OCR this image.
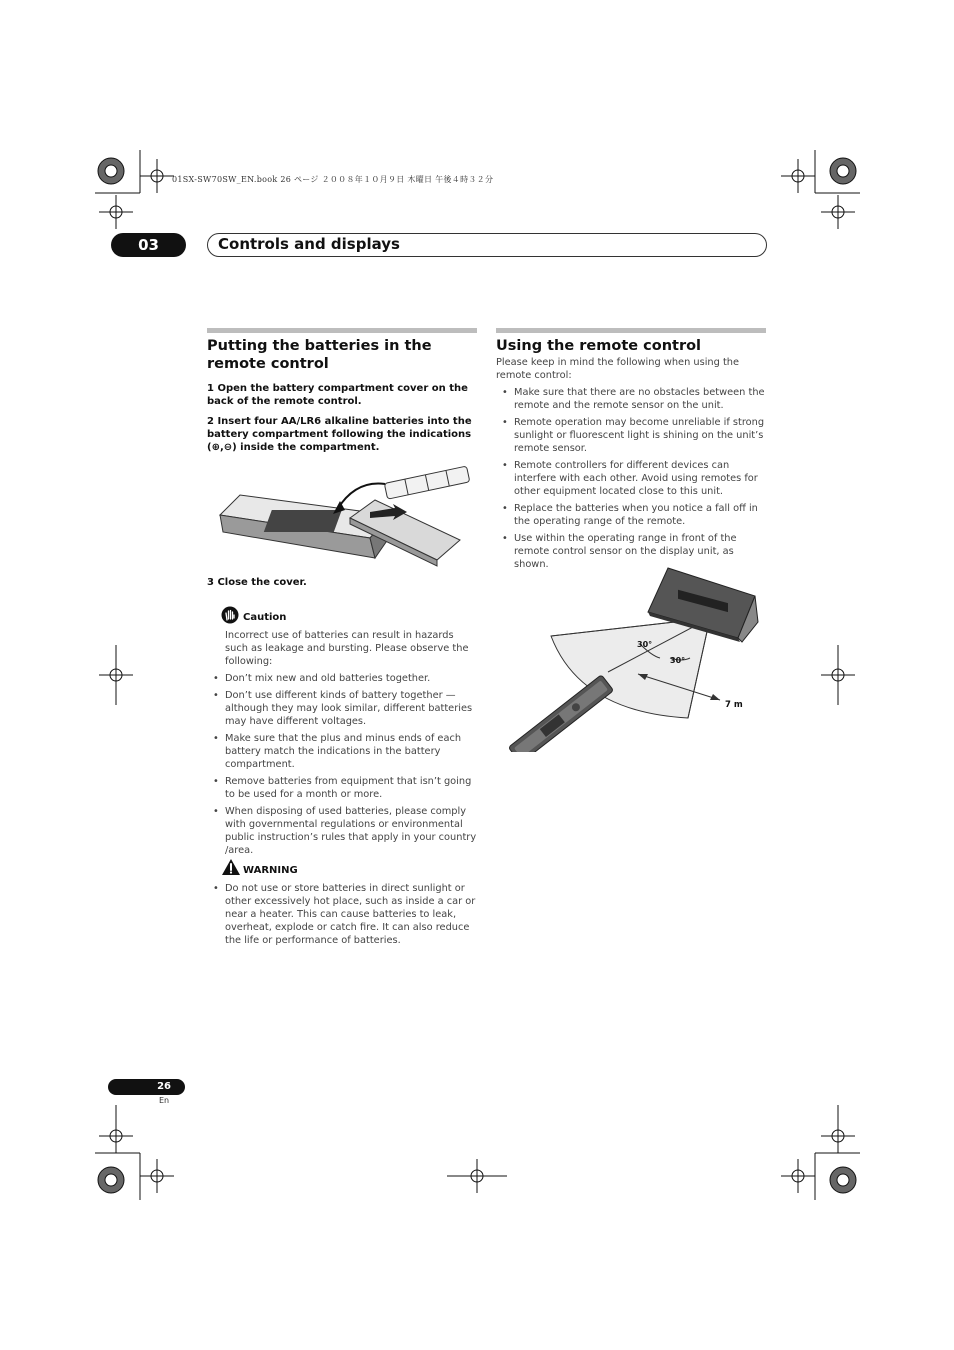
01SX-SW70SW_EN.book 26 ページ ２００８年１０月９日 木曜日 午後４時３２分
03	Controls and displays
Putting the batteries in the remote control
1 Open the battery compartment cover on the back of the remote control.
2 Insert four AA/LR6 alkaline batteries into the battery compartment following the indications (⊕,⊖) inside the compartment.
3 Close the cover.
Caution
Incorrect use of batteries can result in hazards such as leakage and bursting. Please observe the following:
• Don’t mix new and old batteries together.
• Don’t use different kinds of battery together — although they may look similar, different batteries may have different voltages.
• Make sure that the plus and minus ends of each battery match the indications in the battery compartment.
• Remove batteries from equipment that isn’t going to be used for a month or more.
• When disposing of used batteries, please comply with governmental regulations or environmental public instruction’s rules that apply in your country /area.
WARNING
• Do not use or store batteries in direct sunlight or other excessively hot place, such as inside a car or near a heater. This can cause batteries to leak, overheat, explode or catch fire. It can also reduce the life or performance of batteries.
Using the remote control
Please keep in mind the following when using the remote control:
• Make sure that there are no obstacles between the remote and the remote sensor on the unit.
• Remote operation may become unreliable if strong sunlight or fluorescent light is shining on the unit’s remote sensor.
• Remote controllers for different devices can interfere with each other. Avoid using remotes for other equipment located close to this unit.
• Replace the batteries when you notice a fall off in the operating range of the remote.
• Use within the operating range in front of the remote control sensor on the display unit, as shown.
30°
30°
7 m
26
En
